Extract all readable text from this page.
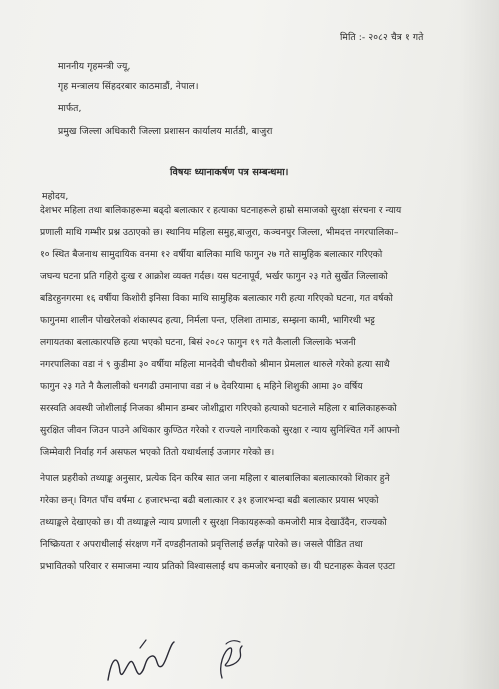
मिति :- २०८२ चैत्र १ गते
माननीय गृहमन्त्री ज्यू,
गृह मन्त्रालय सिंहदरबार काठमाडौं, नेपाल।
मार्फत,
प्रमुख जिल्ला अधिकारी जिल्ला प्रशासन कार्यालय मार्तडी, बाजुरा
विषयः ध्यानाकर्षण पत्र सम्बन्धमा।
महोदय,
देशभर महिला तथा बालिकाहरूमा बढ्दो बलात्कार र हत्याका घटनाहरूले हाम्रो समाजको सुरक्षा संरचना र न्याय
प्रणाली माथि गम्भीर प्रश्न उठाएको छ। स्थानिय महिला समुह,बाजुरा, कञ्चनपुर जिल्ला, भीमदत्त नगरपालिका–
१० स्थित बैजनाथ सामुदायिक वनमा १२ वर्षीया बालिका माथि फागुन २७ गते सामुहिक बलात्कार गरिएको
जघन्य घटना प्रति गहिरो दुःख र आक्रोश व्यक्त गर्दछ। यस घटनापूर्व, भर्खर फागुन २३ गते सुर्खेत जिल्लाको
बडिरहुनगरमा १६ वर्षीया किशोरी इनिसा विका माथि सामुहिक बलात्कार गरी हत्या गरिएको घटना, गत वर्षको
फागुनमा शालीन पोखरेलको शंकास्पद हत्या, निर्मला पन्त, एलिशा तामाङ, सम्झना कामी, भागिरथी भट्ट
लगायतका बलात्कारपछि हत्या भएको घटना, बिसं २०८२ फागुन १९ गते कैलाली जिल्लाके भजनी
नगरपालिका वडा नं ९ कुडीमा ३० वर्षीया महिला मानदेवी चौधरीको श्रीमान प्रेमलाल थारुले गरेको हत्या साथै
फागुन २३ गते नै कैलालीको धनगढी उमानापा वडा नं ७ देवरियामा ६ महिने शिशुकी आमा ३० वर्षिय
सरस्वति अवस्थी जोशीलाई निजका श्रीमान डम्बर जोशीद्वारा गरिएको हत्याको घटनाले महिला र बालिकाहरूको
सुरक्षित जीवन जिउन पाउने अधिकार कुण्ठित गरेको र राज्यले नागरिकको सुरक्षा र न्याय सुनिश्चित गर्ने आफ्नो
जिम्मेवारी निर्वाह गर्न असफल भएको तितो यथार्थलाई उजागर गरेको छ।
नेपाल प्रहरीको तथ्याङ्क अनुसार, प्रत्येक दिन करिब सात जना महिला र बालबालिका बलात्कारको शिकार हुने
गरेका छन्। विगत पाँच वर्षमा ८ हजारभन्दा बढी बलात्कार र ३१ हजारभन्दा बढी बलात्कार प्रयास भएको
तथ्याङ्कले देखाएको छ। यी तथ्याङ्कले न्याय प्रणाली र सुरक्षा निकायहरूको कमजोरी मात्र देखाउँदैन, राज्यको
निष्क्रियता र अपराधीलाई संरक्षण गर्ने दण्डहीनताको प्रवृत्तिलाई छर्लङ्ग पारेको छ। जसले पीडित तथा
प्रभावितको परिवार र समाजमा न्याय प्रतिको विश्वासलाई थप कमजोर बनाएको छ। यी घटनाहरू केवल एउटा
